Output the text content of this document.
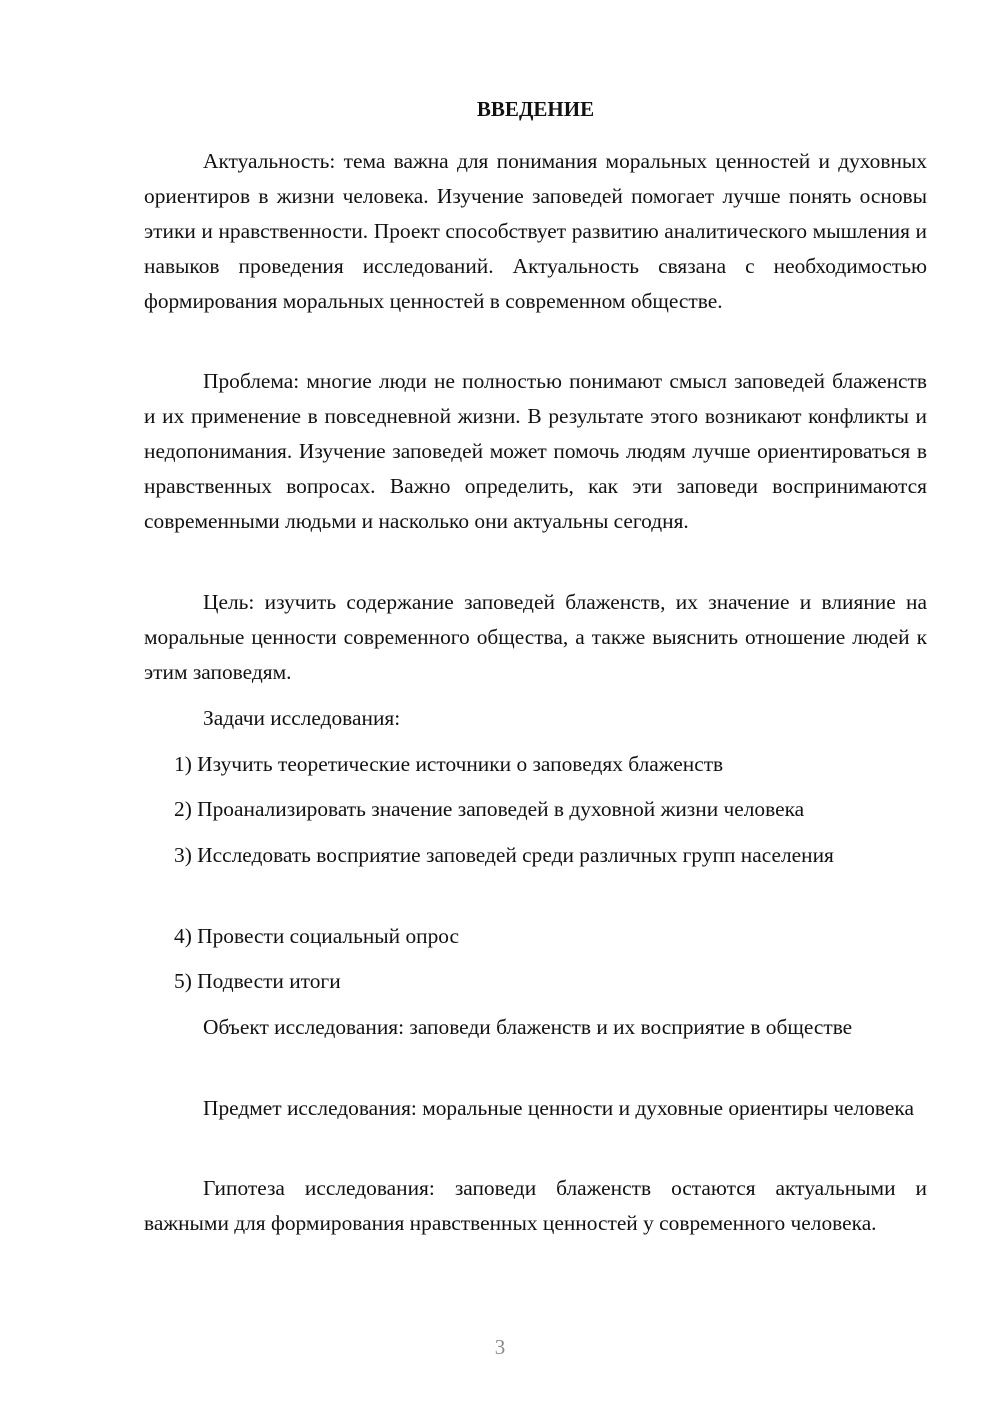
ВВЕДЕНИЕ

Актуальность: тема важна для понимания моральных ценностей и духовных ориентиров в жизни человека. Изучение заповедей помогает лучше понять основы этики и нравственности. Проект способствует развитию аналитического мышления и навыков проведения исследований. Актуальность связана с необходимостью формирования моральных ценностей в современном обществе.

Проблема: многие люди не полностью понимают смысл заповедей блаженств и их применение в повседневной жизни. В результате этого возникают конфликты и недопонимания. Изучение заповедей может помочь людям лучше ориентироваться в нравственных вопросах. Важно определить, как эти заповеди воспринимаются современными людьми и насколько они актуальны сегодня.

Цель: изучить содержание заповедей блаженств, их значение и влияние на моральные ценности современного общества, а также выяснить отношение людей к этим заповедям.

Задачи исследования:

1) Изучить теоретические источники о заповедях блаженств

2) Проанализировать значение заповедей в духовной жизни человека

3) Исследовать восприятие заповедей среди различных групп населения

4) Провести социальный опрос

5) Подвести итоги

Объект исследования: заповеди блаженств и их восприятие в обществе

Предмет исследования: моральные ценности и духовные ориентиры человека

Гипотеза исследования: заповеди блаженств остаются актуальными и важными для формирования нравственных ценностей у современного человека.

3
